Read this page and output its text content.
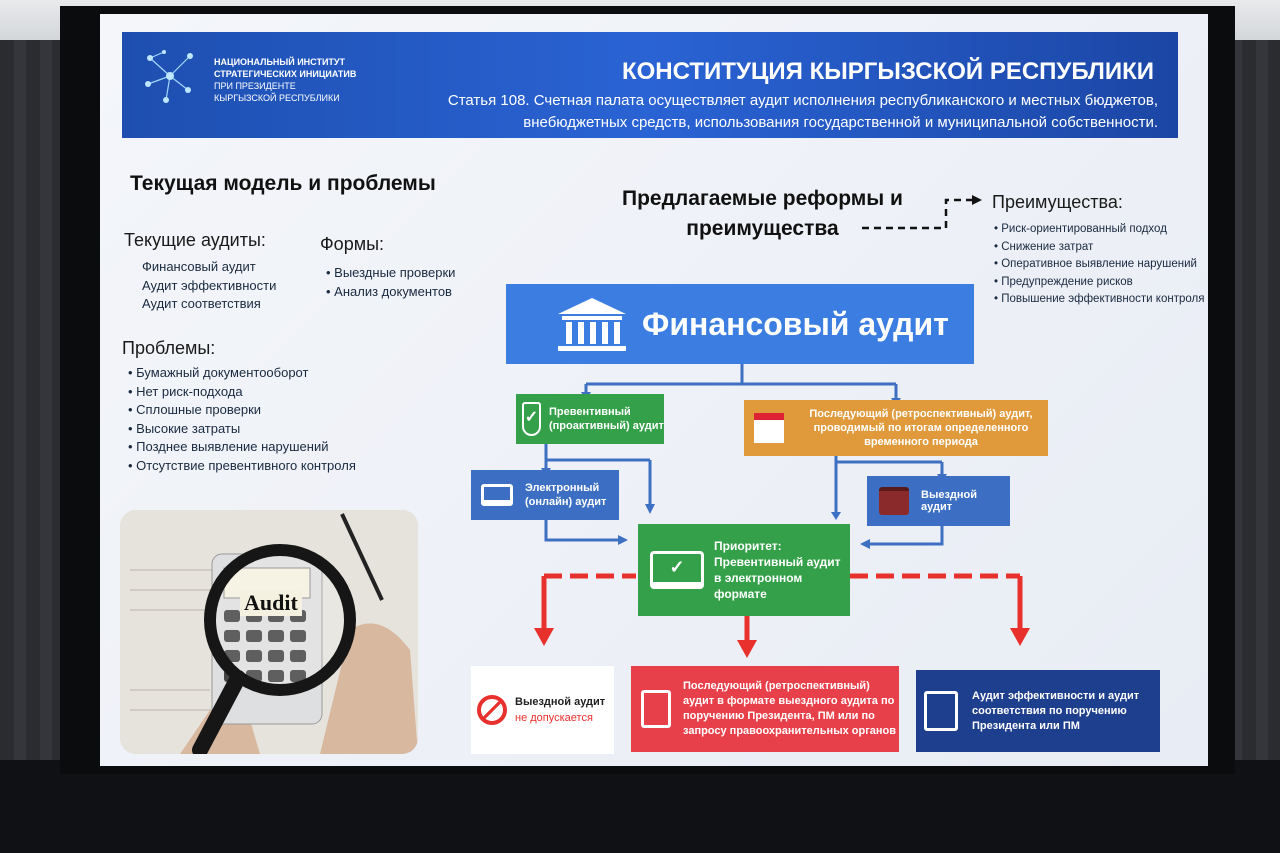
НАЦИОНАЛЬНЫЙ ИНСТИТУТ
СТРАТЕГИЧЕСКИХ ИНИЦИАТИВ
ПРИ ПРЕЗИДЕНТЕ
КЫРГЫЗСКОЙ РЕСПУБЛИКИ
КОНСТИТУЦИЯ КЫРГЫЗСКОЙ РЕСПУБЛИКИ
Статья 108. Счетная палата осуществляет аудит исполнения республиканского и местных бюджетов,
внебюджетных средств, использования государственной и муниципальной собственности.
Текущая модель и проблемы
Текущие аудиты:
Финансовый аудит
Аудит эффективности
Аудит соответствия
Формы:
• Выездные проверки
• Анализ документов
Проблемы:
• Бумажный документооборот
• Нет риск-подхода
• Сплошные проверки
• Высокие затраты
• Позднее выявление нарушений
• Отсутствие превентивного контроля
Audit
Предлагаемые реформы и
преимущества
Преимущества:
• Риск-ориентированный подход
• Снижение затрат
• Оперативное выявление нарушений
• Предупреждение рисков
• Повышение эффективности контроля
Финансовый аудит
✓ Превентивный (проактивный) аудит
Последующий (ретроспективный) аудит, проводимый по итогам определенного временного периода
Электронный (онлайн) аудит
Выездной аудит
✓
Приоритет: Превентивный аудит в электронном формате
Выездной аудит
не допускается
Последующий (ретроспективный) аудит в формате выездного аудита по поручению Президента, ПМ или по запросу правоохранительных органов
Аудит эффективности и аудит соответствия по поручению Президента или ПМ
